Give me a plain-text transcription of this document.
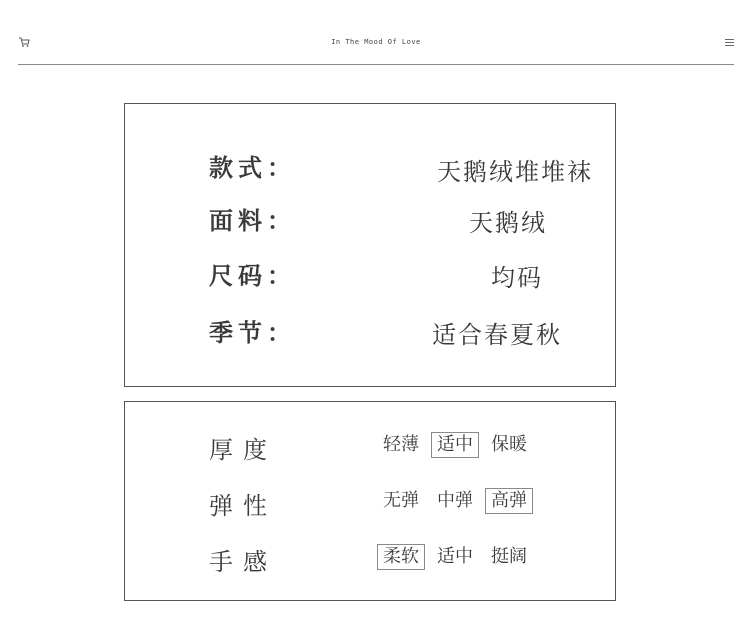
In The Mood Of Love
款式：	天鹅绒堆堆袜
面料：	天鹅绒
尺码：	均码
季节：	适合春夏秋
厚度	轻薄	适中	保暖
弹性	无弹	中弹	高弹
手感	柔软	适中	挺阔
